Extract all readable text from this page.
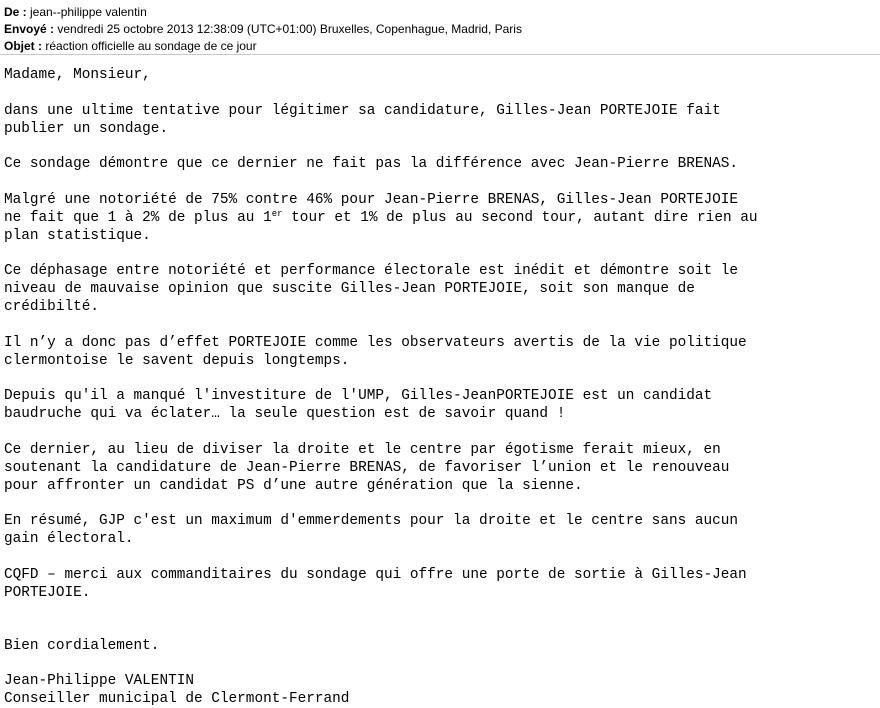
De : jean--philippe valentin
Envoyé : vendredi 25 octobre 2013 12:38:09 (UTC+01:00) Bruxelles, Copenhague, Madrid, Paris
Objet : réaction officielle au sondage de ce jour

Madame, Monsieur,

dans une ultime tentative pour légitimer sa candidature, Gilles-Jean PORTEJOIE fait
publier un sondage.

Ce sondage démontre que ce dernier ne fait pas la différence avec Jean-Pierre BRENAS.

Malgré une notoriété de 75% contre 46% pour Jean-Pierre BRENAS, Gilles-Jean PORTEJOIE
ne fait que 1 à 2% de plus au 1er tour et 1% de plus au second tour, autant dire rien au
plan statistique.

Ce déphasage entre notoriété et performance électorale est inédit et démontre soit le
niveau de mauvaise opinion que suscite Gilles-Jean PORTEJOIE, soit son manque de
crédibilté.

Il n’y a donc pas d’effet PORTEJOIE comme les observateurs avertis de la vie politique
clermontoise le savent depuis longtemps.

Depuis qu'il a manqué l'investiture de l'UMP, Gilles-JeanPORTEJOIE est un candidat
baudruche qui va éclater… la seule question est de savoir quand !

Ce dernier, au lieu de diviser la droite et le centre par égotisme ferait mieux, en
soutenant la candidature de Jean-Pierre BRENAS, de favoriser l’union et le renouveau
pour affronter un candidat PS d’une autre génération que la sienne.

En résumé, GJP c'est un maximum d'emmerdements pour la droite et le centre sans aucun
gain électoral.

CQFD – merci aux commanditaires du sondage qui offre une porte de sortie à Gilles-Jean
PORTEJOIE.

Bien cordialement.

Jean-Philippe VALENTIN

Conseiller municipal de Clermont-Ferrand
